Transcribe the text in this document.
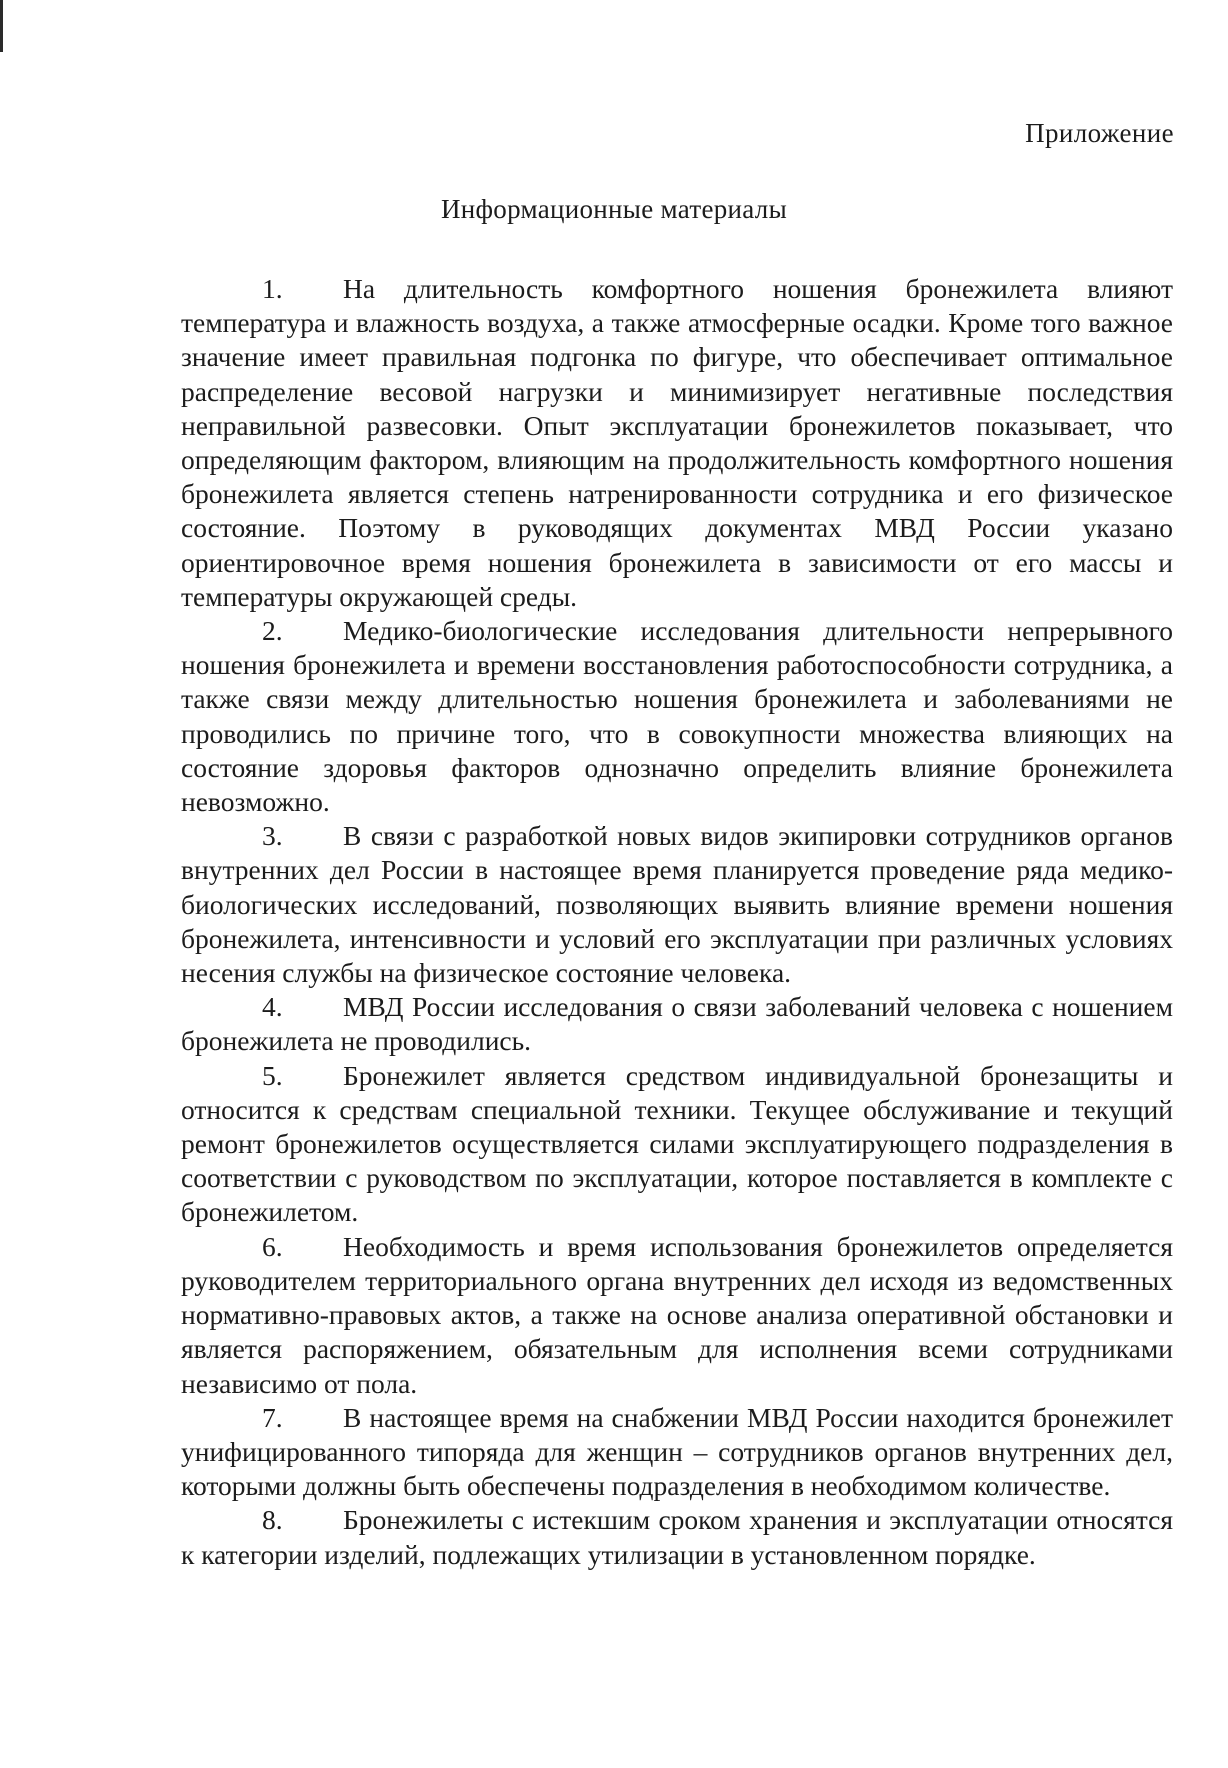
Приложение
Информационные материалы

1. На длительность комфортного ношения бронежилета влияют температура и влажность воздуха, а также атмосферные осадки. Кроме того важное значение имеет правильная подгонка по фигуре, что обеспечивает оптимальное распределение весовой нагрузки и минимизирует негативные последствия неправильной развесовки. Опыт эксплуатации бронежилетов показывает, что определяющим фактором, влияющим на продолжительность комфортного ношения бронежилета является степень натренированности сотрудника и его физическое состояние. Поэтому в руководящих документах МВД России указано ориентировочное время ношения бронежилета в зависимости от его массы и температуры окружающей среды.

2. Медико-биологические исследования длительности непрерывного ношения бронежилета и времени восстановления работоспособности сотрудника, а также связи между длительностью ношения бронежилета и заболеваниями не проводились по причине того, что в совокупности множества влияющих на состояние здоровья факторов однозначно определить влияние бронежилета невозможно.

3. В связи с разработкой новых видов экипировки сотрудников органов внутренних дел России в настоящее время планируется проведение ряда медико-биологических исследований, позволяющих выявить влияние времени ношения бронежилета, интенсивности и условий его эксплуатации при различных условиях несения службы на физическое состояние человека.

4. МВД России исследования о связи заболеваний человека с ношением бронежилета не проводились.

5. Бронежилет является средством индивидуальной бронезащиты и относится к средствам специальной техники. Текущее обслуживание и текущий ремонт бронежилетов осуществляется силами эксплуатирующего подразделения в соответствии с руководством по эксплуатации, которое поставляется в комплекте с бронежилетом.

6. Необходимость и время использования бронежилетов определяется руководителем территориального органа внутренних дел исходя из ведомственных нормативно-правовых актов, а также на основе анализа оперативной обстановки и является распоряжением, обязательным для исполнения всеми сотрудниками независимо от пола.

7. В настоящее время на снабжении МВД России находится бронежилет унифицированного типоряда для женщин – сотрудников органов внутренних дел, которыми должны быть обеспечены подразделения в необходимом количестве.

8. Бронежилеты с истекшим сроком хранения и эксплуатации относятся к категории изделий, подлежащих утилизации в установленном порядке.
